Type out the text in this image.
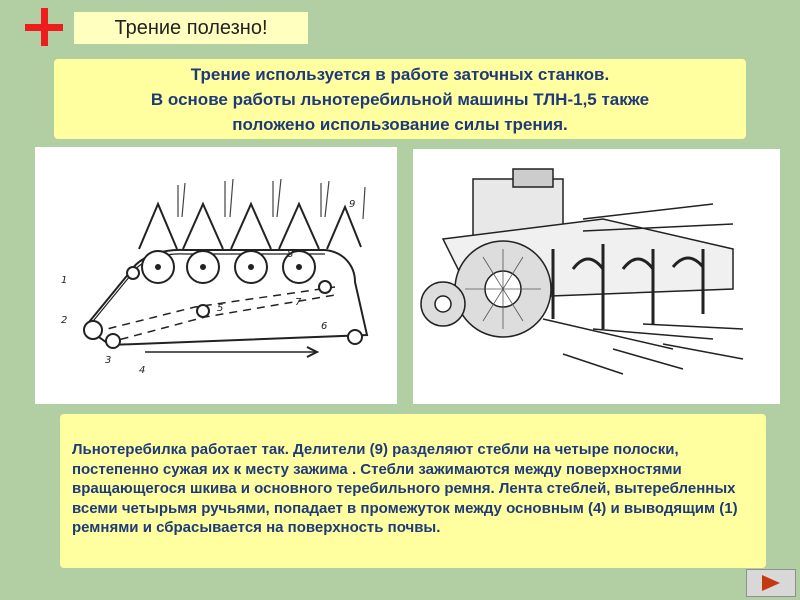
Трение полезно!
Трение используется в работе заточных станков.
В основе работы льнотеребильной машины ТЛН-1,5 также
положено использование силы трения.
1
2
3
4
5
6
7
8
9
Льнотеребилка работает так. Делители (9) разделяют стебли на четыре полоски, постепенно сужая их к месту зажима . Стебли зажимаются между поверхностями вращающегося шкива и основного теребильного ремня. Лента стеблей, вытеребленных всеми четырьмя ручьями, попадает в промежуток между основным (4) и выводящим (1) ремнями и сбрасывается на поверхность почвы.
